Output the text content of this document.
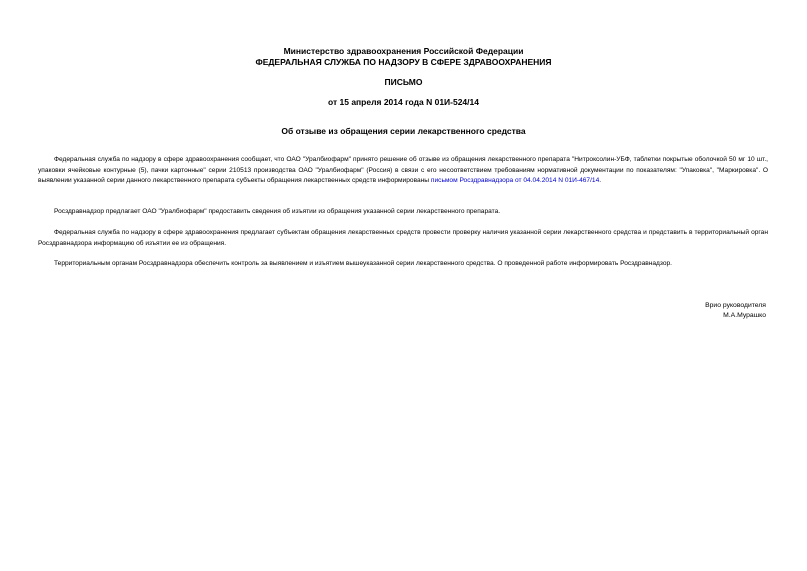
Министерство здравоохранения Российской Федерации
ФЕДЕРАЛЬНАЯ СЛУЖБА ПО НАДЗОРУ В СФЕРЕ ЗДРАВООХРАНЕНИЯ
ПИСЬМО
от 15 апреля 2014 года N 01И-524/14
Об отзыве из обращения серии лекарственного средства

Федеральная служба по надзору в сфере здравоохранения сообщает, что ОАО "Уралбиофарм" принято решение об отзыве из обращения лекарственного препарата "Нитроксолин-УБФ, таблетки покрытые оболочкой 50 мг 10 шт., упаковки ячейковые контурные (5), пачки картонные" серии 210513 производства ОАО "Уралбиофарм" (Россия) в связи с его несоответствием требованиям нормативной документации по показателям: "Упаковка", "Маркировка". О выявлении указанной серии данного лекарственного препарата субъекты обращения лекарственных средств информированы письмом Росздравнадзора от 04.04.2014 N 01И-467/14.

Росздравнадзор предлагает ОАО "Уралбиофарм" предоставить сведения об изъятии из обращения указанной серии лекарственного препарата.

Федеральная служба по надзору в сфере здравоохранения предлагает субъектам обращения лекарственных средств провести проверку наличия указанной серии лекарственного средства и представить в территориальный орган Росздравнадзора информацию об изъятии ее из обращения.

Территориальным органам Росздравнадзора обеспечить контроль за выявлением и изъятием вышеуказанной серии лекарственного средства. О проведенной работе информировать Росздравнадзор.

Врио руководителя
М.А.Мурашко
